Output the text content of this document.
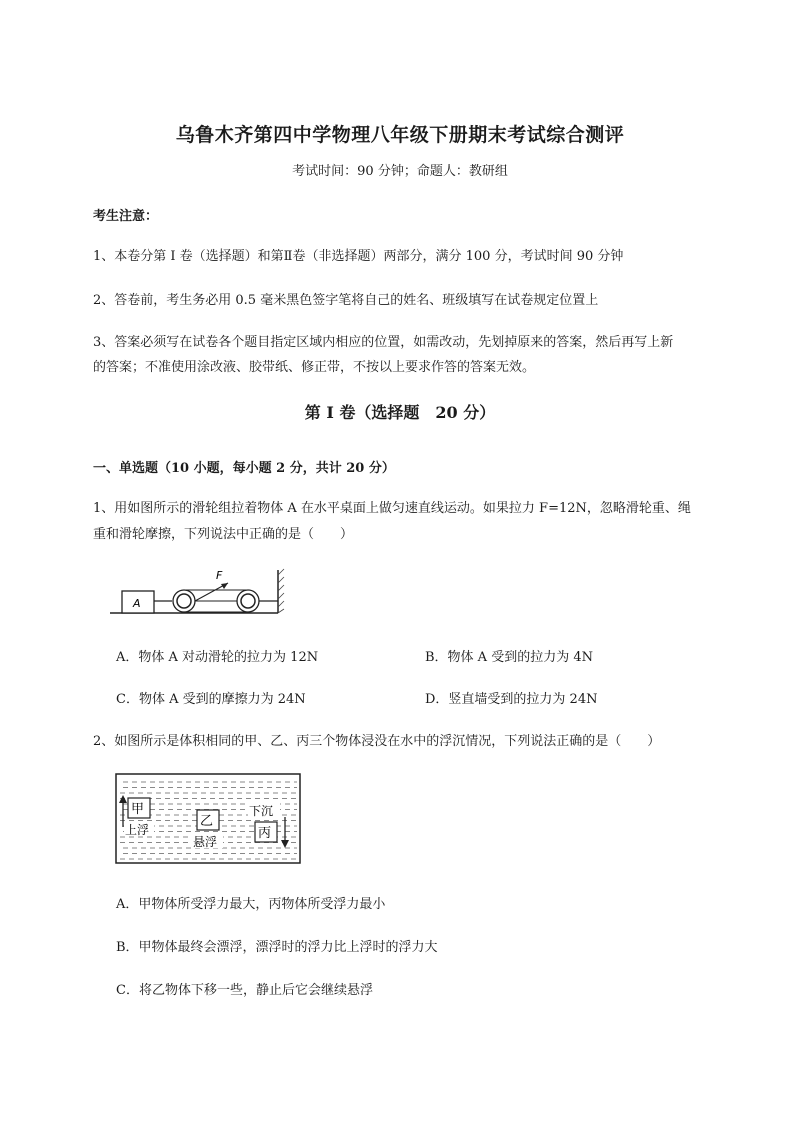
乌鲁木齐第四中学物理八年级下册期末考试综合测评
考试时间：90 分钟；命题人：教研组
考生注意：
1、本卷分第 I 卷（选择题）和第Ⅱ卷（非选择题）两部分，满分 100 分，考试时间 90 分钟
2、答卷前，考生务必用 0.5 毫米黑色签字笔将自己的姓名、班级填写在试卷规定位置上
3、答案必须写在试卷各个题目指定区域内相应的位置，如需改动，先划掉原来的答案，然后再写上新
的答案；不准使用涂改液、胶带纸、修正带，不按以上要求作答的答案无效。
第 I 卷（选择题　20 分）
一、单选题（10 小题，每小题 2 分，共计 20 分）
1、用如图所示的滑轮组拉着物体 A 在水平桌面上做匀速直线运动。如果拉力 F=12N，忽略滑轮重、绳
重和滑轮摩擦，下列说法中正确的是（　　）
A
F
A．物体 A 对动滑轮的拉力为 12N	B．物体 A 受到的拉力为 4N
C．物体 A 受到的摩擦力为 24N	D．竖直墙受到的拉力为 24N
2、如图所示是体积相同的甲、乙、丙三个物体浸没在水中的浮沉情况，下列说法正确的是（　　）
甲
上浮
乙
悬浮
下沉
丙
A．甲物体所受浮力最大，丙物体所受浮力最小
B．甲物体最终会漂浮，漂浮时的浮力比上浮时的浮力大
C．将乙物体下移一些，静止后它会继续悬浮
